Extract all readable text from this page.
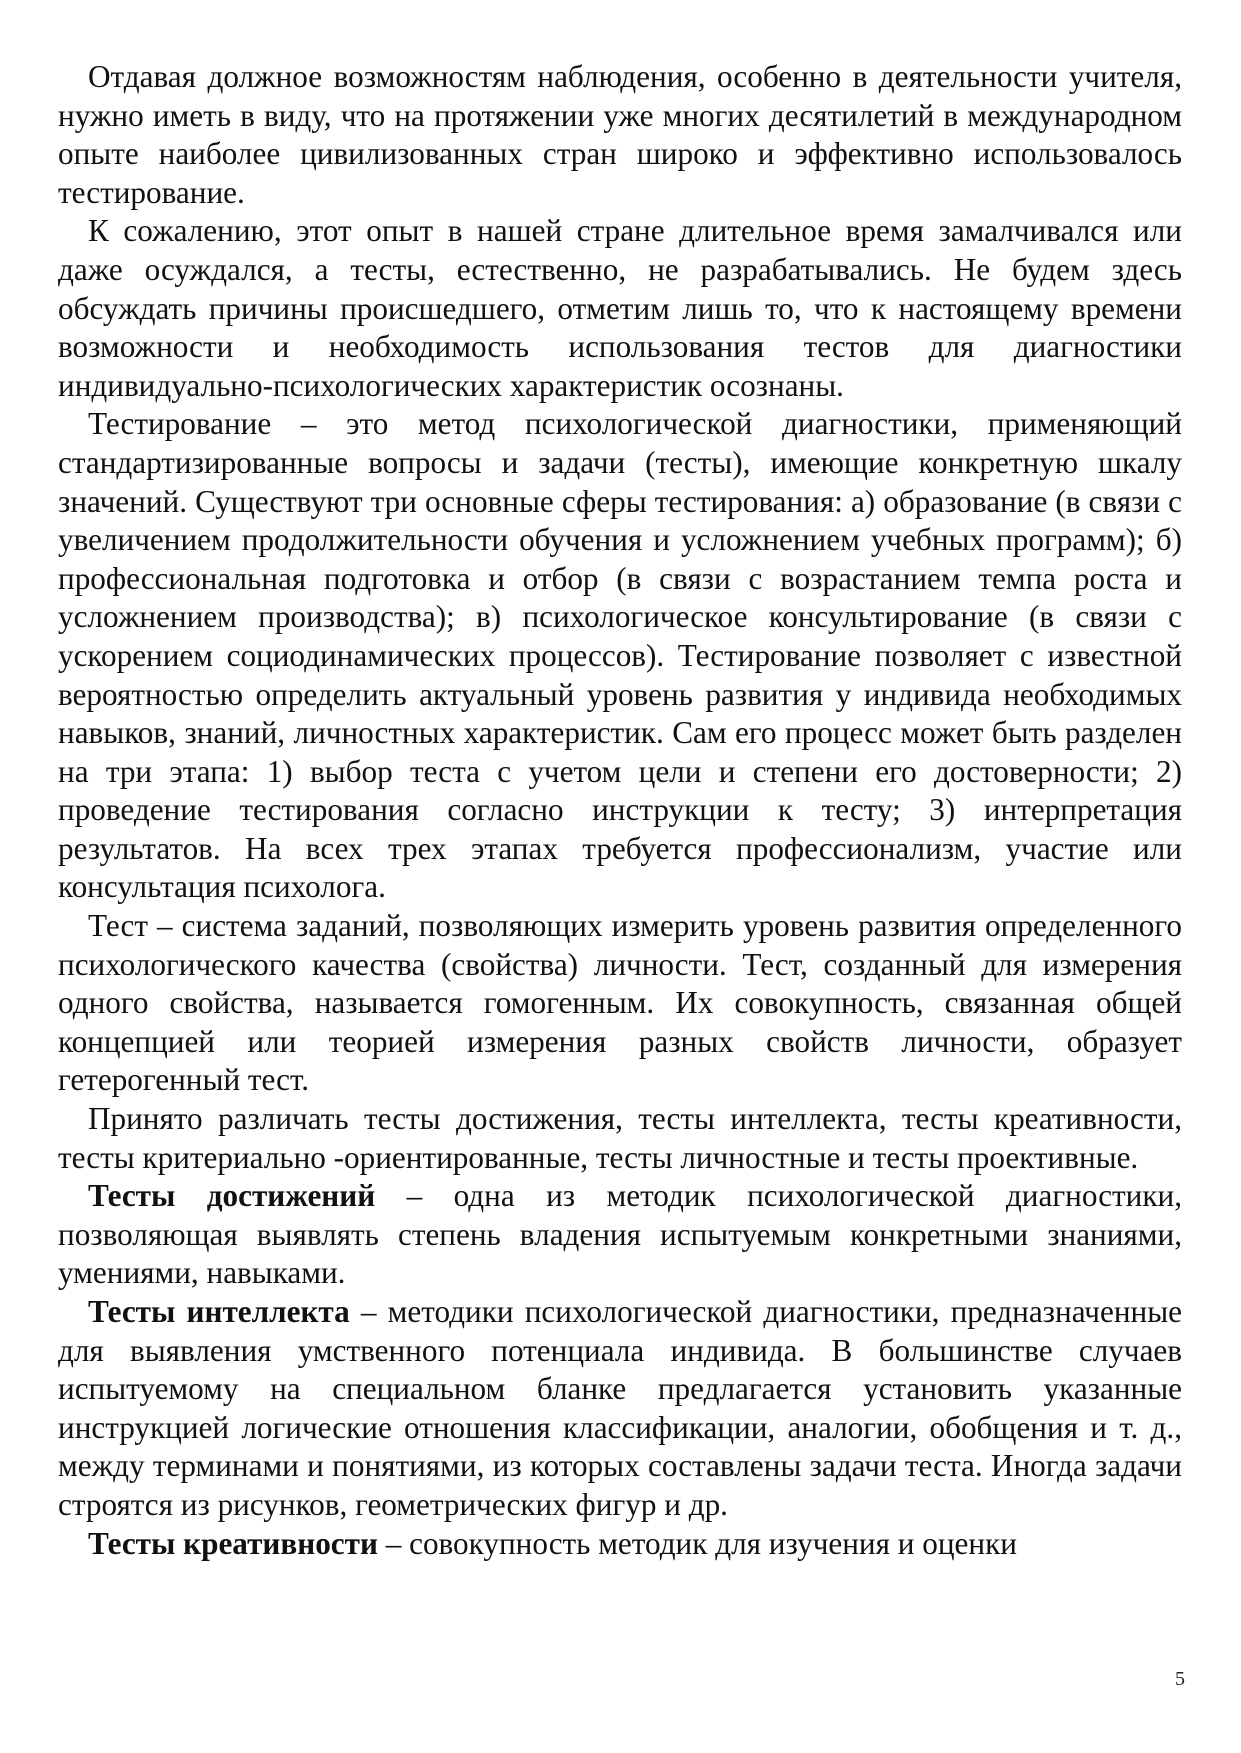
Отдавая должное возможностям наблюдения, особенно в деятельности учителя, нужно иметь в виду, что на протяжении уже многих десятилетий в международном опыте наиболее цивилизованных стран широко и эффективно использовалось тестирование.

К сожалению, этот опыт в нашей стране длительное время замалчивался или даже осуждался, а тесты, естественно, не разрабатывались. Не будем здесь обсуждать причины происшедшего, отметим лишь то, что к настоящему времени возможности и необходимость использования тестов для диагностики индивидуально-психологических характеристик осознаны.

Тестирование – это метод психологической диагностики, применяющий стандартизированные вопросы и задачи (тесты), имеющие конкретную шкалу значений. Существуют три основные сферы тестирования: а) образование (в связи с увеличением продолжительности обучения и усложнением учебных программ); б) профессиональная подготовка и отбор (в связи с возрастанием темпа роста и усложнением производства); в) психологическое консультирование (в связи с ускорением социодинамических процессов). Тестирование позволяет с известной вероятностью определить актуальный уровень развития у индивида необходимых навыков, знаний, личностных характеристик. Сам его процесс может быть разделен на три этапа: 1) выбор теста с учетом цели и степени его достоверности; 2) проведение тестирования согласно инструкции к тесту; 3) интерпретация результатов. На всех трех этапах требуется профессионализм, участие или консультация психолога.

Тест – система заданий, позволяющих измерить уровень развития определенного психологического качества (свойства) личности. Тест, созданный для измерения одного свойства, называется гомогенным. Их совокупность, связанная общей концепцией или теорией измерения разных свойств личности, образует гетерогенный тест.

Принято различать тесты достижения, тесты интеллекта, тесты креативности, тесты критериально -ориентированные, тесты личностные и тесты проективные.

Тесты достижений – одна из методик психологической диагностики, позволяющая выявлять степень владения испытуемым конкретными знаниями, умениями, навыками.

Тесты интеллекта – методики психологической диагностики, предназначенные для выявления умственного потенциала индивида. В большинстве случаев испытуемому на специальном бланке предлагается установить указанные инструкцией логические отношения классификации, аналогии, обобщения и т. д., между терминами и понятиями, из которых составлены задачи теста. Иногда задачи строятся из рисунков, геометрических фигур и др.

Тесты креативности – совокупность методик для изучения и оценки

5
